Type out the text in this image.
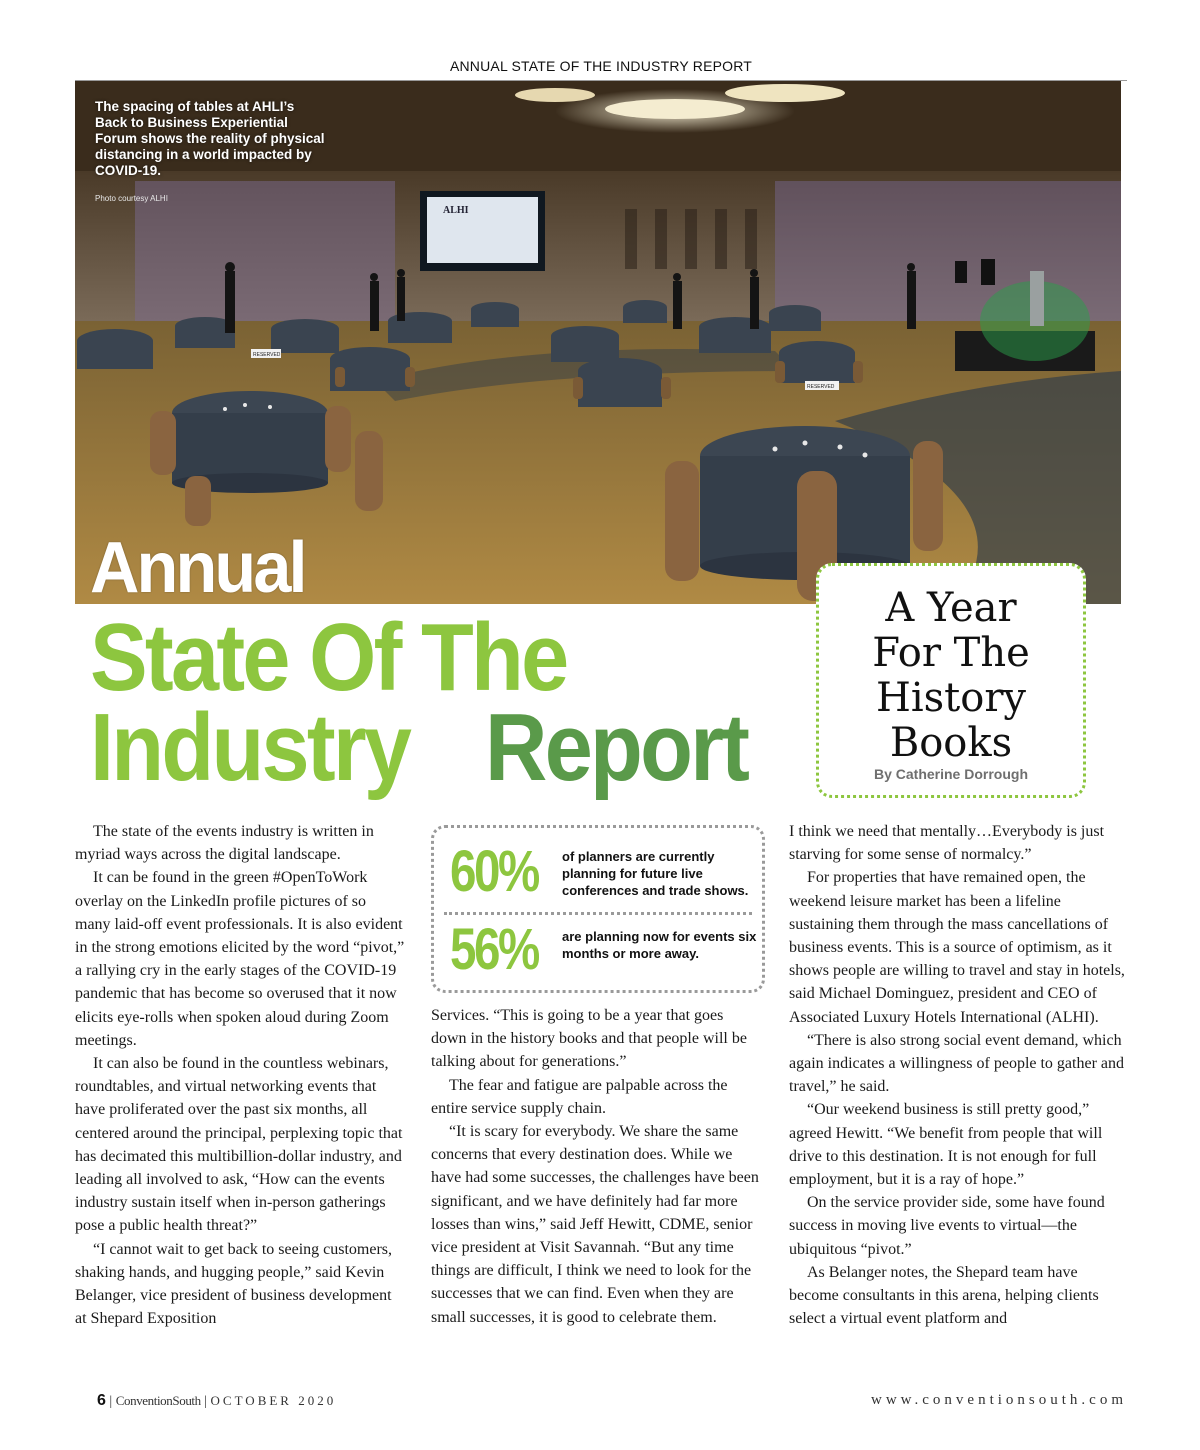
ANNUAL STATE OF THE INDUSTRY REPORT
ALHI
RESERVED
RESERVED
The spacing of tables at AHLI’s Back to Business Experiential Forum shows the reality of physical distancing in a world impacted by COVID-19.
Photo courtesy ALHI
Annual
State Of The
Industry Report
A Year
For The
History
Books
By Catherine Dorrough

The state of the events industry is written in myriad ways across the digital landscape.

It can be found in the green #OpenToWork overlay on the LinkedIn profile pictures of so many laid-off event professionals. It is also evident in the strong emotions elicited by the word “pivot,” a rallying cry in the early stages of the COVID-19 pandemic that has become so overused that it now elicits eye-rolls when spoken aloud during Zoom meetings.

It can also be found in the countless webinars, roundtables, and virtual networking events that have proliferated over the past six months, all centered around the principal, perplexing topic that has decimated this multibillion-dollar industry, and leading all involved to ask, “How can the events industry sustain itself when in-person gatherings pose a public health threat?”

“I cannot wait to get back to seeing customers, shaking hands, and hugging people,” said Kevin Belanger, vice president of business development at Shepard Exposition

60% of planners are currently planning for future live conferences and trade shows.
56% are planning now for events six months or more away.

Services. “This is going to be a year that goes down in the history books and that people will be talking about for generations.”

The fear and fatigue are palpable across the entire service supply chain.

“It is scary for everybody. We share the same concerns that every destination does. While we have had some successes, the challenges have been significant, and we have definitely had far more losses than wins,” said Jeff Hewitt, CDME, senior vice president at Visit Savannah. “But any time things are difficult, I think we need to look for the successes that we can find. Even when they are small successes, it is good to celebrate them.

I think we need that mentally…Everybody is just starving for some sense of normalcy.”

For properties that have remained open, the weekend leisure market has been a lifeline sustaining them through the mass cancellations of business events. This is a source of optimism, as it shows people are willing to travel and stay in hotels, said Michael Dominguez, president and CEO of Associated Luxury Hotels International (ALHI).

“There is also strong social event demand, which again indicates a willingness of people to gather and travel,” he said.

“Our weekend business is still pretty good,” agreed Hewitt. “We benefit from people that will drive to this destination. It is not enough for full employment, but it is a ray of hope.”

On the service provider side, some have found success in moving live events to virtual—the ubiquitous “pivot.”

As Belanger notes, the Shepard team have become consultants in this arena, helping clients select a virtual event platform and

6 | ConventionSouth | OCTOBER 2020	www.conventionsouth.com
